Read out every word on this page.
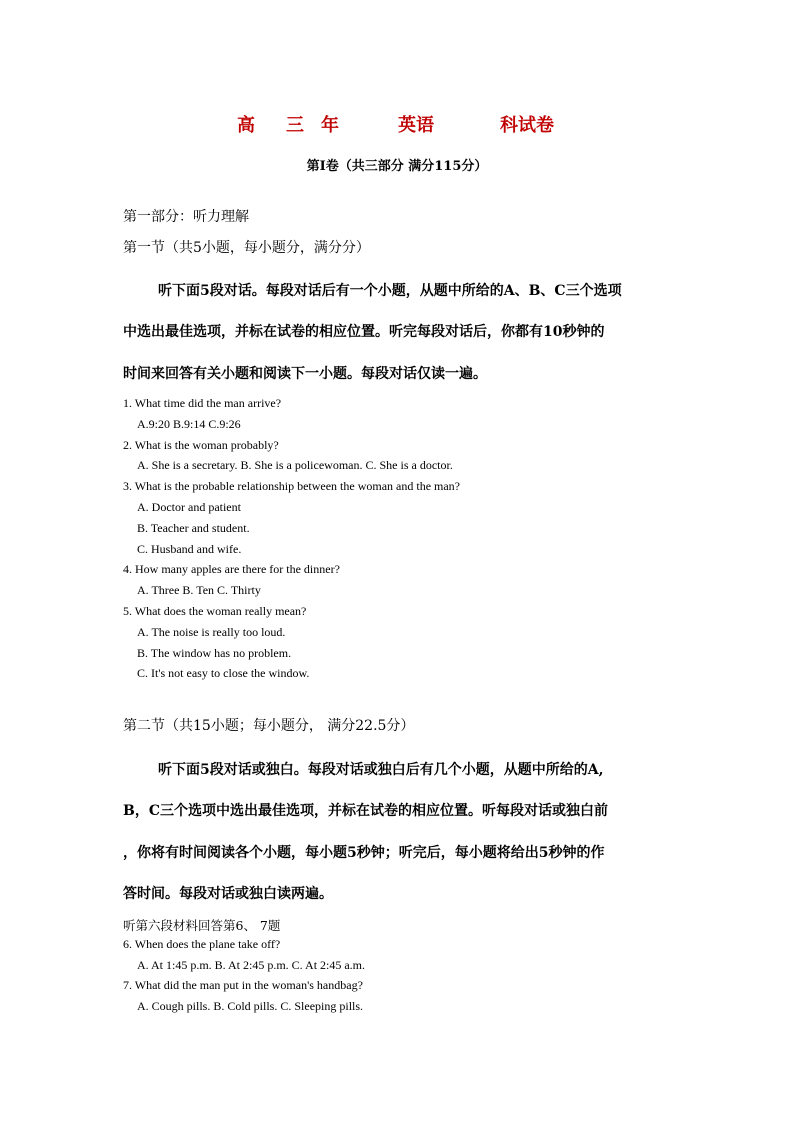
高 三 年	英语	科试卷
第I卷（共三部分 满分115分）
第一部分：听力理解
第一节（共5小题，每小题分，满分分）
听下面5段对话。每段对话后有一个小题，从题中所给的A、B、C三个选项
中选出最佳选项，并标在试卷的相应位置。听完每段对话后，你都有10秒钟的
时间来回答有关小题和阅读下一小题。每段对话仅读一遍。
1. What time did the man arrive?
A.9:20 B.9:14 C.9:26
2. What is the woman probably?
A. She is a secretary. B. She is a policewoman. C. She is a doctor.
3. What is the probable relationship between the woman and the man?
A. Doctor and patient
B. Teacher and student.
C. Husband and wife.
4. How many apples are there for the dinner?
A. Three B. Ten C. Thirty
5. What does the woman really mean?
A. The noise is really too loud.
B. The window has no problem.
C. It's not easy to close the window.
第二节（共15小题；每小题分， 满分22.5分）
听下面5段对话或独白。每段对话或独白后有几个小题，从题中所给的A,
B，C三个选项中选出最佳选项，并标在试卷的相应位置。听每段对话或独白前
，你将有时间阅读各个小题，每小题5秒钟；听完后，每小题将给出5秒钟的作
答时间。每段对话或独白读两遍。
听第六段材料回答第6、 7题
6. When does the plane take off?
A. At 1:45 p.m. B. At 2:45 p.m. C. At 2:45 a.m.
7. What did the man put in the woman's handbag?
A. Cough pills. B. Cold pills. C. Sleeping pills.
